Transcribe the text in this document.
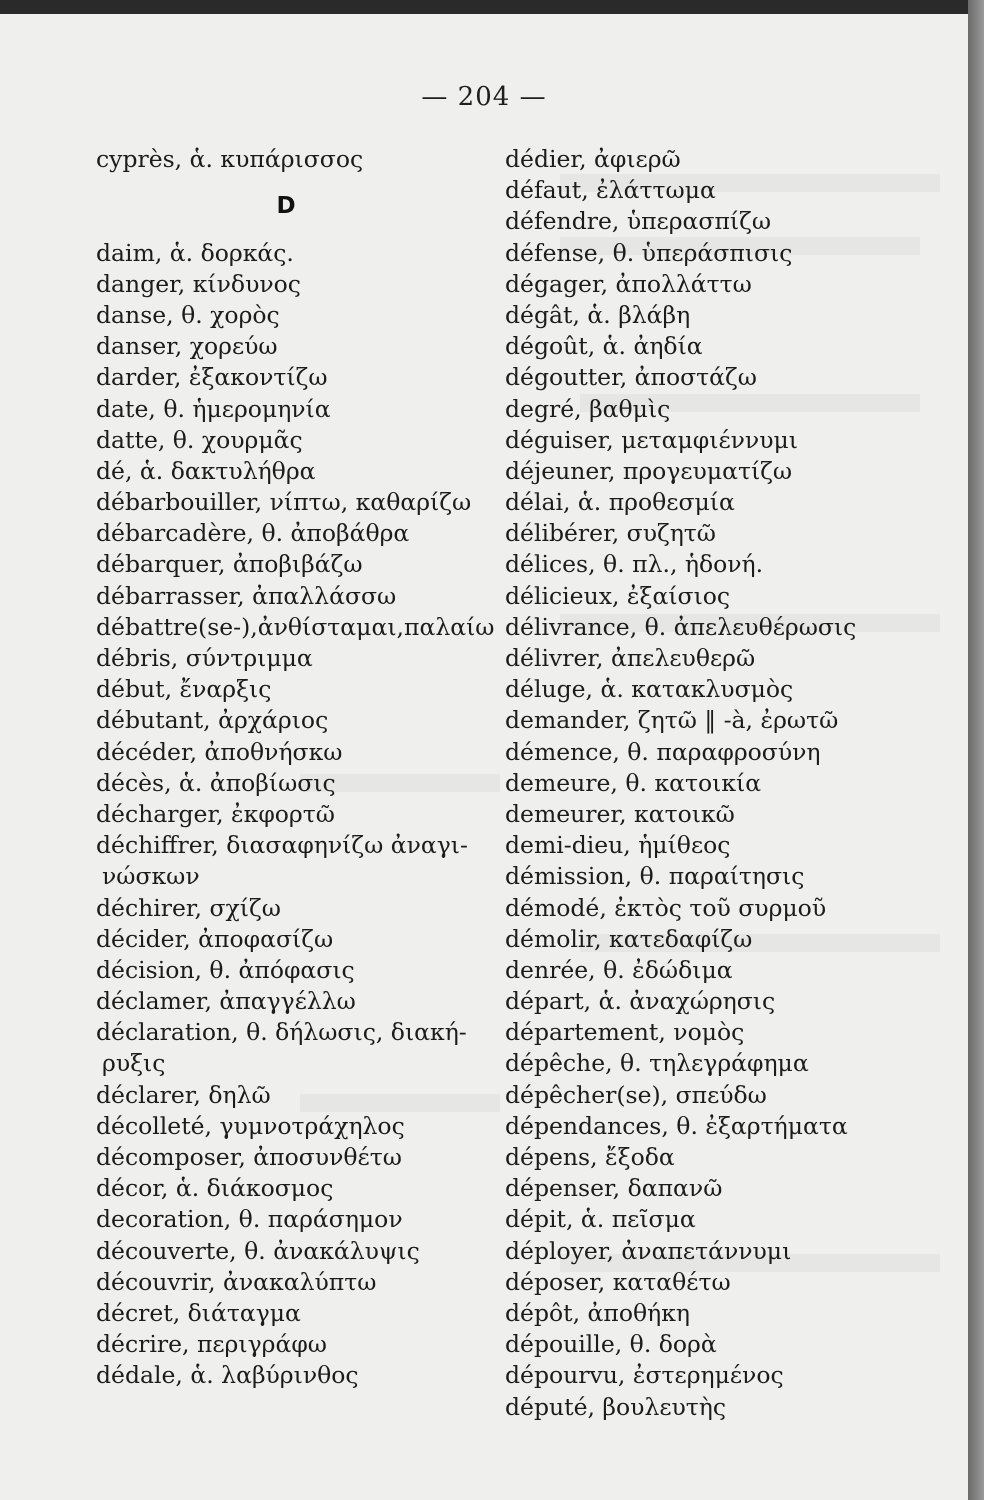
— 204 —
cyprès, ἁ. κυπάρισσος
D
daim, ἁ. δορκάς.
danger, κίνδυνος
danse, θ. χορὸς
danser, χορεύω
darder, ἐξακοντίζω
date, θ. ἡμερομηνία
datte, θ. χουρμᾶς
dé, ἁ. δακτυλήθρα
débarbouiller, νίπτω, καθαρίζω
débarcadère, θ. ἀποβάθρα
débarquer, ἀποβιβάζω
débarrasser, ἀπαλλάσσω
débattre(se-),ἀνθίσταμαι,παλαίω
débris, σύντριμμα
début, ἔναρξις
débutant, ἀρχάριος
décéder, ἀποθνήσκω
décès, ἁ. ἀποβίωσις
décharger, ἐκφορτῶ
déchiffrer, διασαφηνίζω ἀναγι-
νώσκων
déchirer, σχίζω
décider, ἀποφασίζω
décision, θ. ἀπόφασις
déclamer, ἀπαγγέλλω
déclaration, θ. δήλωσις, διακή-
ρυξις
déclarer, δηλῶ
décolleté, γυμνοτράχηλος
décomposer, ἀποσυνθέτω
décor, ἁ. διάκοσμος
decoration, θ. παράσημον
découverte, θ. ἀνακάλυψις
découvrir, ἀνακαλύπτω
décret, διάταγμα
décrire, περιγράφω
dédale, ἁ. λαβύρινθος
dédier, ἀφιερῶ
défaut, ἐλάττωμα
défendre, ὑπερασπίζω
défense, θ. ὑπεράσπισις
dégager, ἀπολλάττω
dégât, ἁ. βλάβη
dégoût, ἁ. ἀηδία
dégoutter, ἀποστάζω
degré, βαθμὶς
déguiser, μεταμφιέννυμι
déjeuner, προγευματίζω
délai, ἁ. προθεσμία
délibérer, συζητῶ
délices, θ. πλ., ἡδονή.
délicieux, ἐξαίσιος
délivrance, θ. ἀπελευθέρωσις
délivrer, ἀπελευθερῶ
déluge, ἁ. κατακλυσμὸς
demander, ζητῶ ‖ -à, ἐρωτῶ
démence, θ. παραφροσύνη
demeure, θ. κατοικία
demeurer, κατοικῶ
demi-dieu, ἡμίθεος
démission, θ. παραίτησις
démodé, ἐκτὸς τοῦ συρμοῦ
démolir, κατεδαφίζω
denrée, θ. ἐδώδιμα
départ, ἁ. ἀναχώρησις
département, νομὸς
dépêche, θ. τηλεγράφημα
dépêcher(se), σπεύδω
dépendances, θ. ἐξαρτήματα
dépens, ἔξοδα
dépenser, δαπανῶ
dépit, ἁ. πεῖσμα
déployer, ἀναπετάννυμι
déposer, καταθέτω
dépôt, ἀποθήκη
dépouille, θ. δορὰ
dépourvu, ἐστερημένος
député, βουλευτὴς
